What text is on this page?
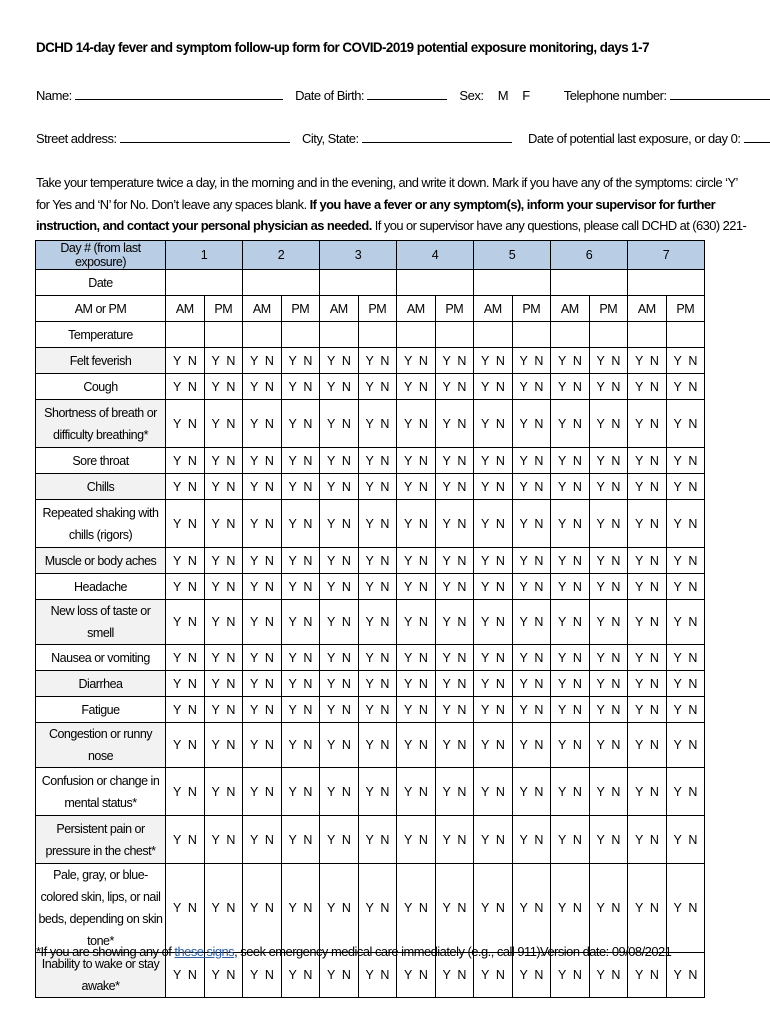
DCHD 14-day fever and symptom follow-up form for COVID-2019 potential exposure monitoring, days 1-7
Name:	Date of Birth:	Sex: M F	Telephone number:
Street address:	City, State:	Date of potential last exposure, or day 0:
Take your temperature twice a day, in the morning and in the evening, and write it down. Mark if you have any of the symptoms: circle ‘Y’ for Yes and ‘N’ for No. Don’t leave any spaces blank. If you have a fever or any symptom(s), inform your supervisor for further instruction, and contact your personal physician as needed. If you or supervisor have any questions, please call DCHD at (630) 221-
Day # (from last exposure)	1		2		3		4		5		6		7	
Date														
AM or PM	AM	PM	AM	PM	AM	PM	AM	PM	AM	PM	AM	PM	AM	PM
Temperature														
Felt feverish	Y N	Y N	Y N	Y N	Y N	Y N	Y N	Y N	Y N	Y N	Y N	Y N	Y N	Y N

Cough	Y N	Y N	Y N	Y N	Y N	Y N	Y N	Y N	Y N	Y N	Y N	Y N	Y N	Y N

Shortness of breath or difficulty breathing*	Y N	Y N	Y N	Y N	Y N	Y N	Y N	Y N	Y N	Y N	Y N	Y N	Y N	Y N

Sore throat	Y N	Y N	Y N	Y N	Y N	Y N	Y N	Y N	Y N	Y N	Y N	Y N	Y N	Y N

Chills	Y N	Y N	Y N	Y N	Y N	Y N	Y N	Y N	Y N	Y N	Y N	Y N	Y N	Y N

Repeated shaking with chills (rigors)	Y N	Y N	Y N	Y N	Y N	Y N	Y N	Y N	Y N	Y N	Y N	Y N	Y N	Y N

Muscle or body aches	Y N	Y N	Y N	Y N	Y N	Y N	Y N	Y N	Y N	Y N	Y N	Y N	Y N	Y N

Headache	Y N	Y N	Y N	Y N	Y N	Y N	Y N	Y N	Y N	Y N	Y N	Y N	Y N	Y N

New loss of taste or smell	Y N	Y N	Y N	Y N	Y N	Y N	Y N	Y N	Y N	Y N	Y N	Y N	Y N	Y N

Nausea or vomiting	Y N	Y N	Y N	Y N	Y N	Y N	Y N	Y N	Y N	Y N	Y N	Y N	Y N	Y N

Diarrhea	Y N	Y N	Y N	Y N	Y N	Y N	Y N	Y N	Y N	Y N	Y N	Y N	Y N	Y N

Fatigue	Y N	Y N	Y N	Y N	Y N	Y N	Y N	Y N	Y N	Y N	Y N	Y N	Y N	Y N

Congestion or runny nose	Y N	Y N	Y N	Y N	Y N	Y N	Y N	Y N	Y N	Y N	Y N	Y N	Y N	Y N

Confusion or change in mental status*	Y N	Y N	Y N	Y N	Y N	Y N	Y N	Y N	Y N	Y N	Y N	Y N	Y N	Y N

Persistent pain or pressure in the chest*	Y N	Y N	Y N	Y N	Y N	Y N	Y N	Y N	Y N	Y N	Y N	Y N	Y N	Y N

Pale, gray, or blue-colored skin, lips, or nail beds, depending on skin tone*	Y N	Y N	Y N	Y N	Y N	Y N	Y N	Y N	Y N	Y N	Y N	Y N	Y N	Y N

Inability to wake or stay awake*	Y N	Y N	Y N	Y N	Y N	Y N	Y N	Y N	Y N	Y N	Y N	Y N	Y N	Y N
*If you are showing any of these signs, seek emergency medical care immediately (e.g., call 911).
Version date: 09/08/2021
